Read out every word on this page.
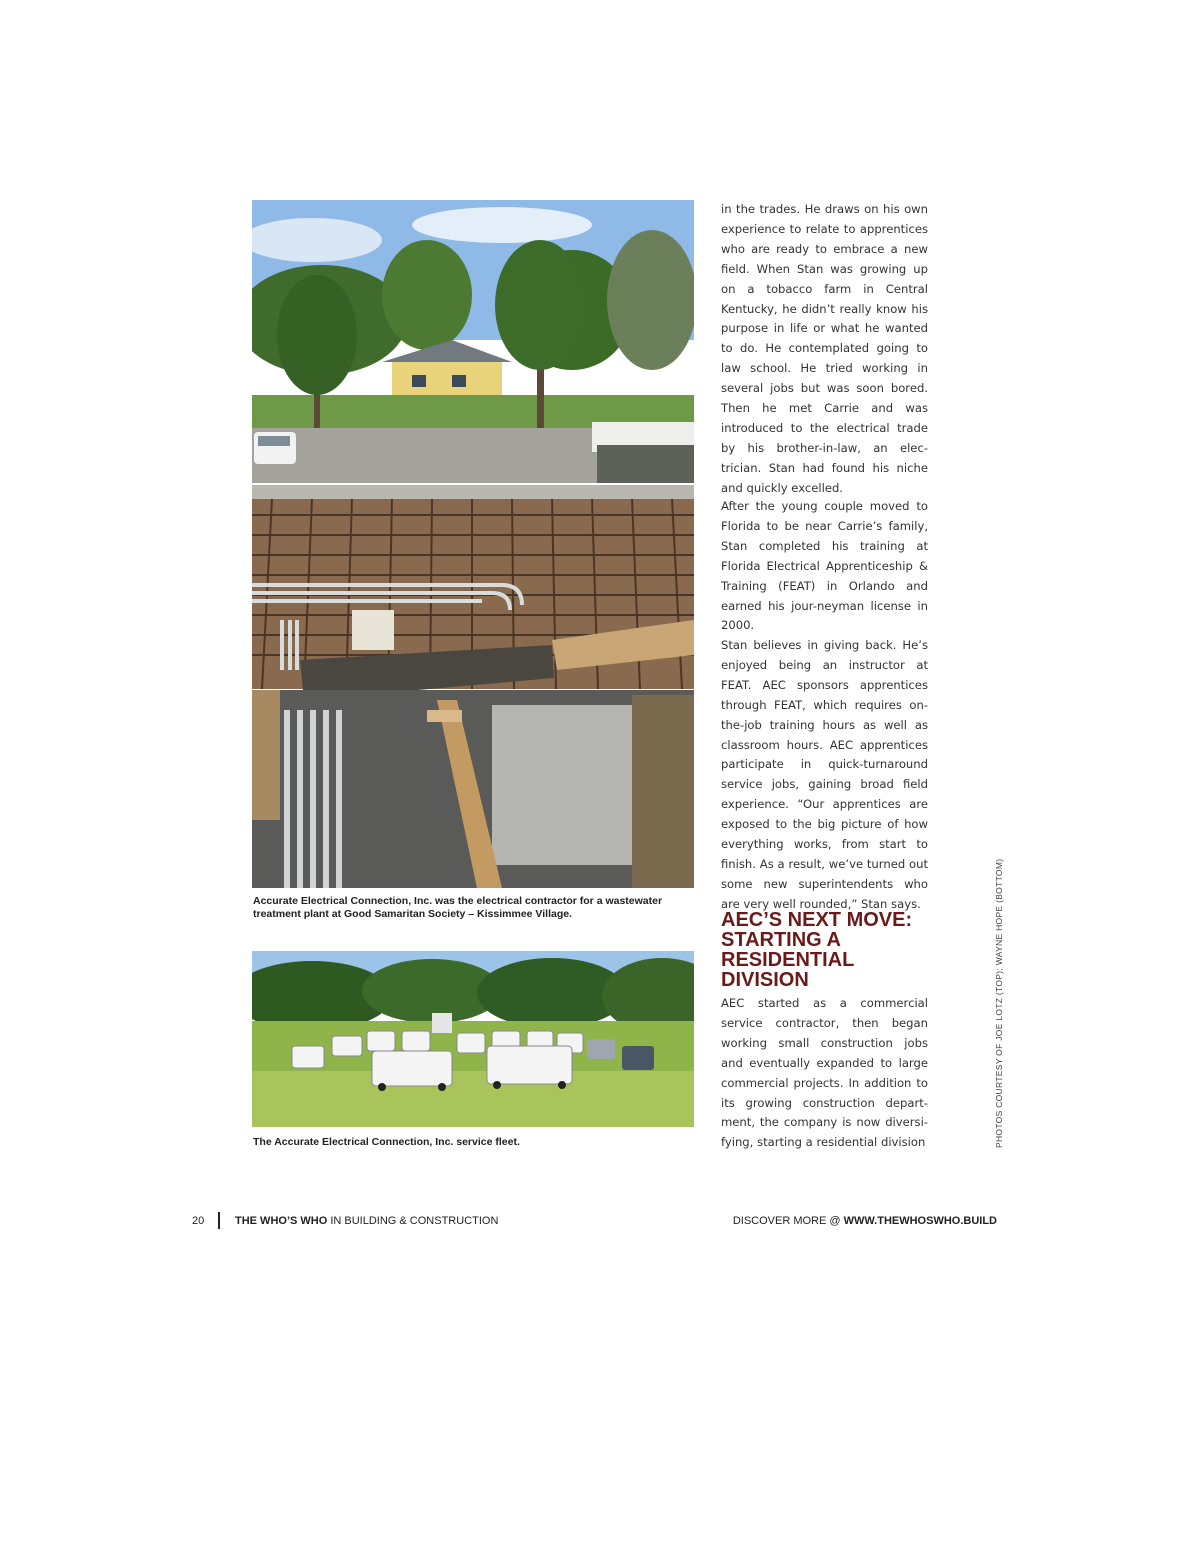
Accurate Electrical Connection, Inc. was the electrical contractor for a wastewater treatment plant at Good Samaritan Society – Kissimmee Village.
The Accurate Electrical Connection, Inc. service fleet.

in the trades. He draws on his own experience to relate to apprentices who are ready to embrace a new field. When Stan was growing up on a tobacco farm in Central Kentucky, he didn’t really know his purpose in life or what he wanted to do. He contemplated going to law school. He tried working in several jobs but was soon bored. Then he met Carrie and was introduced to the electrical trade by his brother-in-law, an elec-trician. Stan had found his niche and quickly excelled.

After the young couple moved to Florida to be near Carrie’s family, Stan completed his training at Florida Electrical Apprenticeship & Training (FEAT) in Orlando and earned his jour-neyman license in 2000.

Stan believes in giving back. He’s enjoyed being an instructor at FEAT. AEC sponsors apprentices through FEAT, which requires on-the-job training hours as well as classroom hours. AEC apprentices participate in quick-turnaround service jobs, gaining broad field experience. “Our apprentices are exposed to the big picture of how everything works, from start to finish. As a result, we’ve turned out some new superintendents who are very well rounded,” Stan says.

AEC’S NEXT MOVE: STARTING A RESIDENTIAL DIVISION

AEC started as a commercial service contractor, then began working small construction jobs and eventually expanded to large commercial projects. In addition to its growing construction depart-ment, the company is now diversi-fying, starting a residential division	PHOTOS COURTESY OF JOE LOTZ (TOP); WAYNE HOPE (BOTTOM)
20	THE WHO’S WHO IN BUILDING & CONSTRUCTION	DISCOVER MORE @ WWW.THEWHOSWHO.BUILD
